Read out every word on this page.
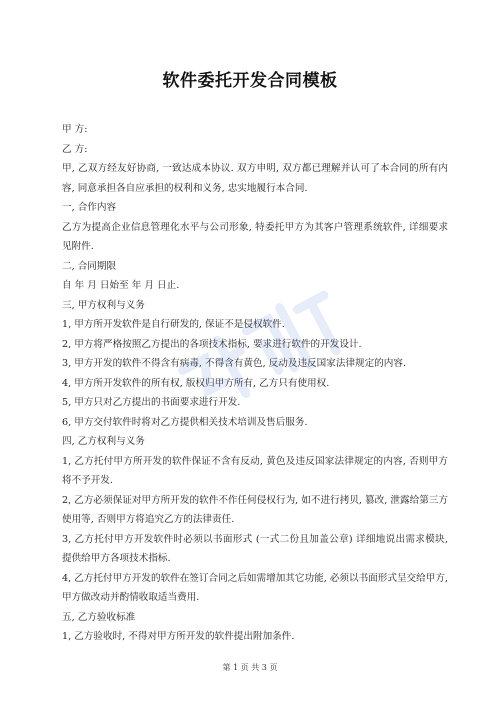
软件委托开发合同模板
甲 方:
乙 方:
甲, 乙双方经友好协商, 一致达成本协议. 双方申明, 双方都已理解并认可了本合同的所有内容, 同意承担各自应承担的权利和义务, 忠实地履行本合同.
一, 合作内容
乙方为提高企业信息管理化水平与公司形象, 特委托甲方为其客户管理系统软件, 详细要求见附件.
二, 合同期限
自 年 月 日始至 年 月 日止.
三, 甲方权利与义务
1, 甲方所开发软件是自行研发的, 保证不是侵权软件.
2, 甲方将严格按照乙方提出的各项技术指标, 要求进行软件的开发设计.
3, 甲方开发的软件不得含有病毒, 不得含有黄色, 反动及违反国家法律规定的内容.
4, 甲方所开发软件的所有权, 版权归甲方所有, 乙方只有使用权.
5, 甲方只对乙方提出的书面要求进行开发.
6, 甲方交付软件时将对乙方提供相关技术培训及售后服务.
四, 乙方权利与义务
1, 乙方托付甲方所开发的软件保证不含有反动, 黄色及违反国家法律规定的内容, 否则甲方将不予开发.
2, 乙方必须保证对甲方所开发的软件不作任何侵权行为, 如不进行拷贝, 篡改, 泄露给第三方使用等, 否则甲方将追究乙方的法律责任.
3, 乙方托付甲方开发软件时必须以书面形式 (一式二份且加盖公章) 详细地说出需求模块, 提供给甲方各项技术指标.
4, 乙方托付甲方开发的软件在签订合同之后如需增加其它功能, 必须以书面形式呈交给甲方, 甲方做改动并酌情收取适当费用.
五, 乙方验收标准
1, 乙方验收时, 不得对甲方所开发的软件提出附加条件.
第 1 页 共 3 页
